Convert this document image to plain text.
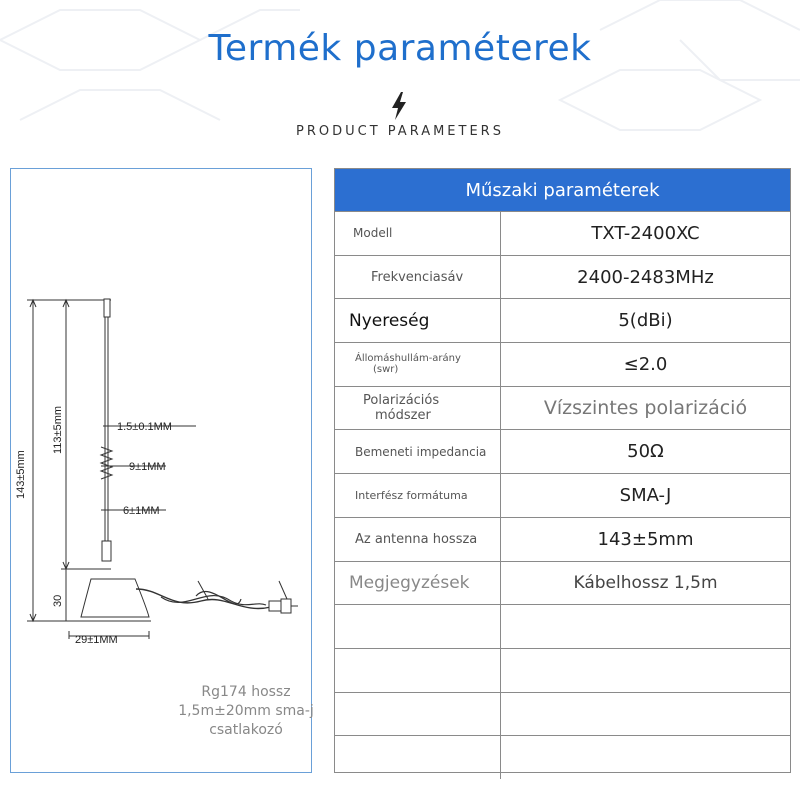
Termék paraméterek
PRODUCT PARAMETERS
143±5mm
113±5mm
30
1.5±0.1MM
9±1MM
6±1MM
29±1MM
Rg174 hossz
1,5m±20mm sma-j
csatlakozó
Műszaki paraméterek
Modell	TXT-2400XC
Frekvenciasáv	2400-2483MHz
Nyereség	5(dBi)
Állomáshullám-arány
(swr)	≤2.0
Polarizációs
módszer	Vízszintes polarizáció
Bemeneti impedancia	50Ω
Interfész formátuma	SMA-J
Az antenna hossza	143±5mm
Megjegyzések	Kábelhossz 1,5m
